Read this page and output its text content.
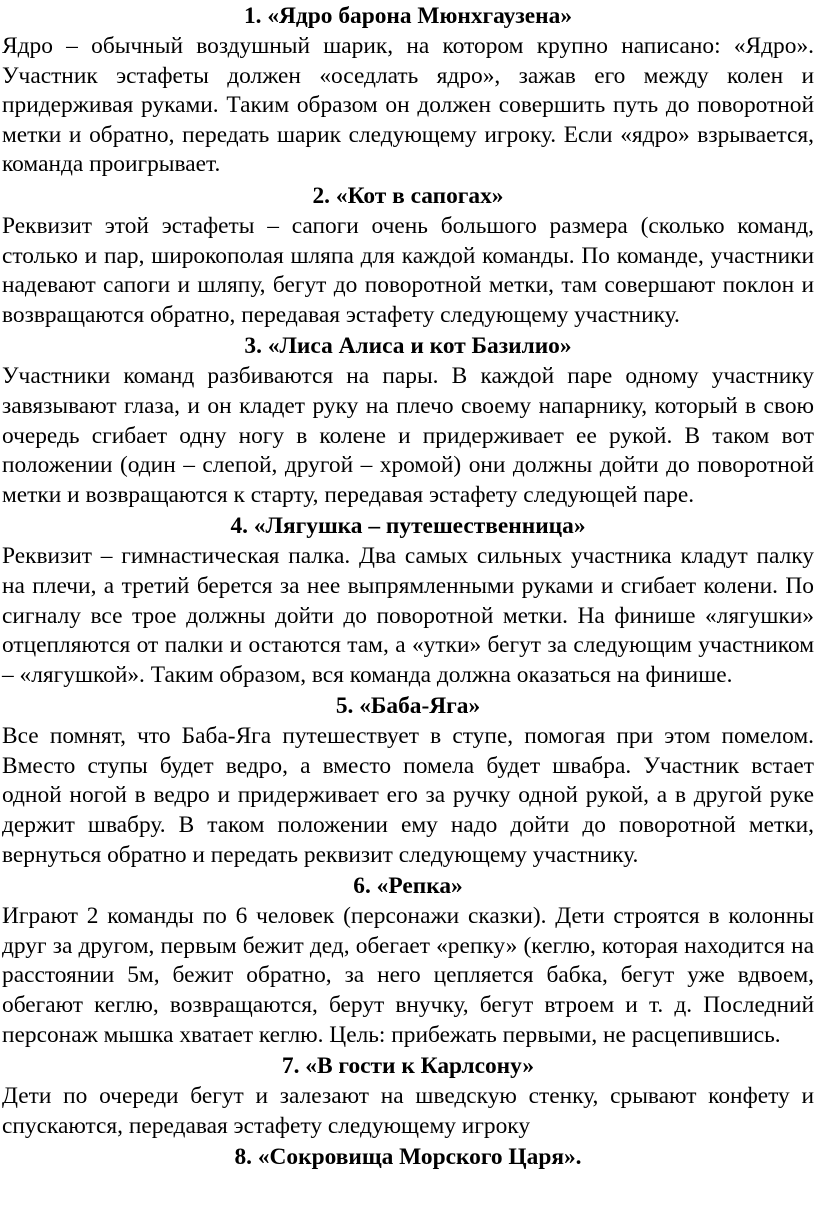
1. «Ядро барона Мюнхгаузена»

Ядро – обычный воздушный шарик, на котором крупно написано: «Ядро». Участник эстафеты должен «оседлать ядро», зажав его между колен и придерживая руками. Таким образом он должен совершить путь до поворотной метки и обратно, передать шарик следующему игроку. Если «ядро» взрывается, команда проигрывает.

2. «Кот в сапогах»

Реквизит этой эстафеты – сапоги очень большого размера (сколько команд, столько и пар, широкополая шляпа для каждой команды. По команде, участники надевают сапоги и шляпу, бегут до поворотной метки, там совершают поклон и возвращаются обратно, передавая эстафету следующему участнику.

3. «Лиса Алиса и кот Базилио»

Участники команд разбиваются на пары. В каждой паре одному участнику завязывают глаза, и он кладет руку на плечо своему напарнику, который в свою очередь сгибает одну ногу в колене и придерживает ее рукой. В таком вот положении (один – слепой, другой – хромой) они должны дойти до поворотной метки и возвращаются к старту, передавая эстафету следующей паре.

4. «Лягушка – путешественница»

Реквизит – гимнастическая палка. Два самых сильных участника кладут палку на плечи, а третий берется за нее выпрямленными руками и сгибает колени. По сигналу все трое должны дойти до поворотной метки. На финише «лягушки» отцепляются от палки и остаются там, а «утки» бегут за следующим участником – «лягушкой». Таким образом, вся команда должна оказаться на финише.

5. «Баба-Яга»

Все помнят, что Баба-Яга путешествует в ступе, помогая при этом помелом. Вместо ступы будет ведро, а вместо помела будет швабра. Участник встает одной ногой в ведро и придерживает его за ручку одной рукой, а в другой руке держит швабру. В таком положении ему надо дойти до поворотной метки, вернуться обратно и передать реквизит следующему участнику.

6. «Репка»

Играют 2 команды по 6 человек (персонажи сказки). Дети строятся в колонны друг за другом, первым бежит дед, обегает «репку» (кеглю, которая находится на расстоянии 5м, бежит обратно, за него цепляется бабка, бегут уже вдвоем, обегают кеглю, возвращаются, берут внучку, бегут втроем и т. д. Последний персонаж мышка хватает кеглю. Цель: прибежать первыми, не расцепившись.

7. «В гости к Карлсону»

Дети по очереди бегут и залезают на шведскую стенку, срывают конфету и спускаются, передавая эстафету следующему игроку

8. «Сокровища Морского Царя».
